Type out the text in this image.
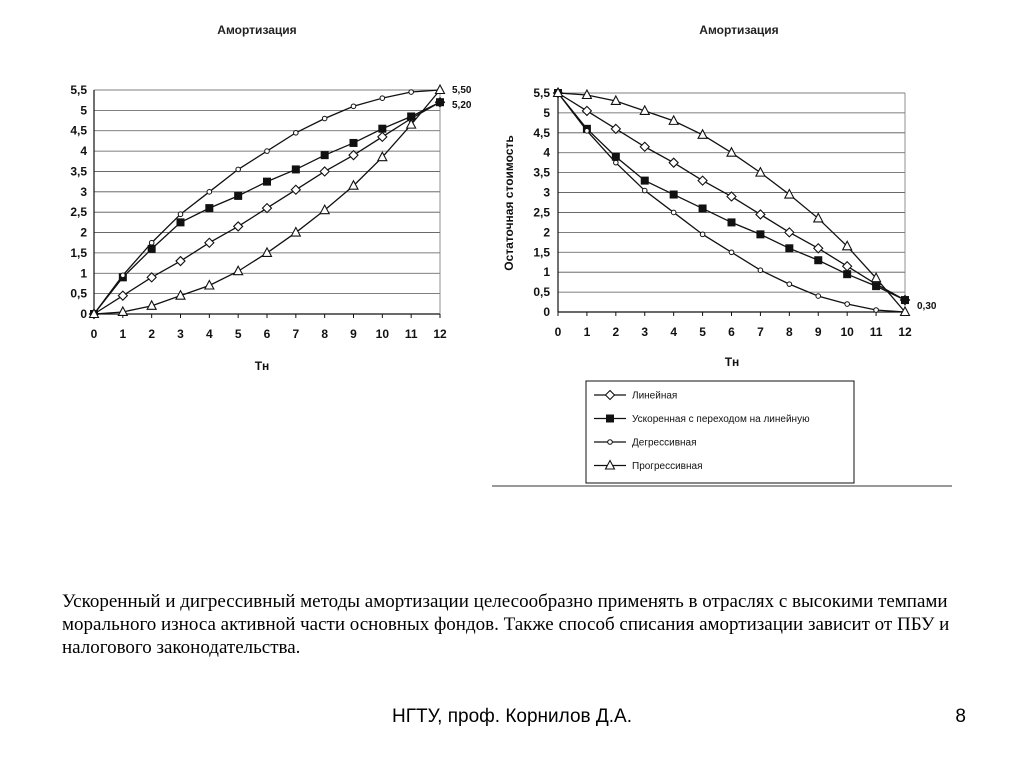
Амортизация
0
0,5
1
1,5
2
2,5
3
3,5
4
4,5
5
5,5
0 1 2 3 4 5 6 7 8 9 10 11 12
Тн
5,50
5,20
Амортизация
0
0,5
1
1,5
2
2,5
3
3,5
4
4,5
5
5,5
0 1 2 3 4 5 6 7 8 9 10 11 12
Тн
Остаточная стоимость
0,30
Линейная
Ускоренная с переходом на линейную
Дегрессивная
Прогрессивная

Ускоренный и дигрессивный методы амортизации целесообразно применять в отраслях с высокими темпами морального износа активной части основных фондов. Также способ списания амортизации зависит от ПБУ и налогового законодательства.

НГТУ, проф. Корнилов Д.А.	8
